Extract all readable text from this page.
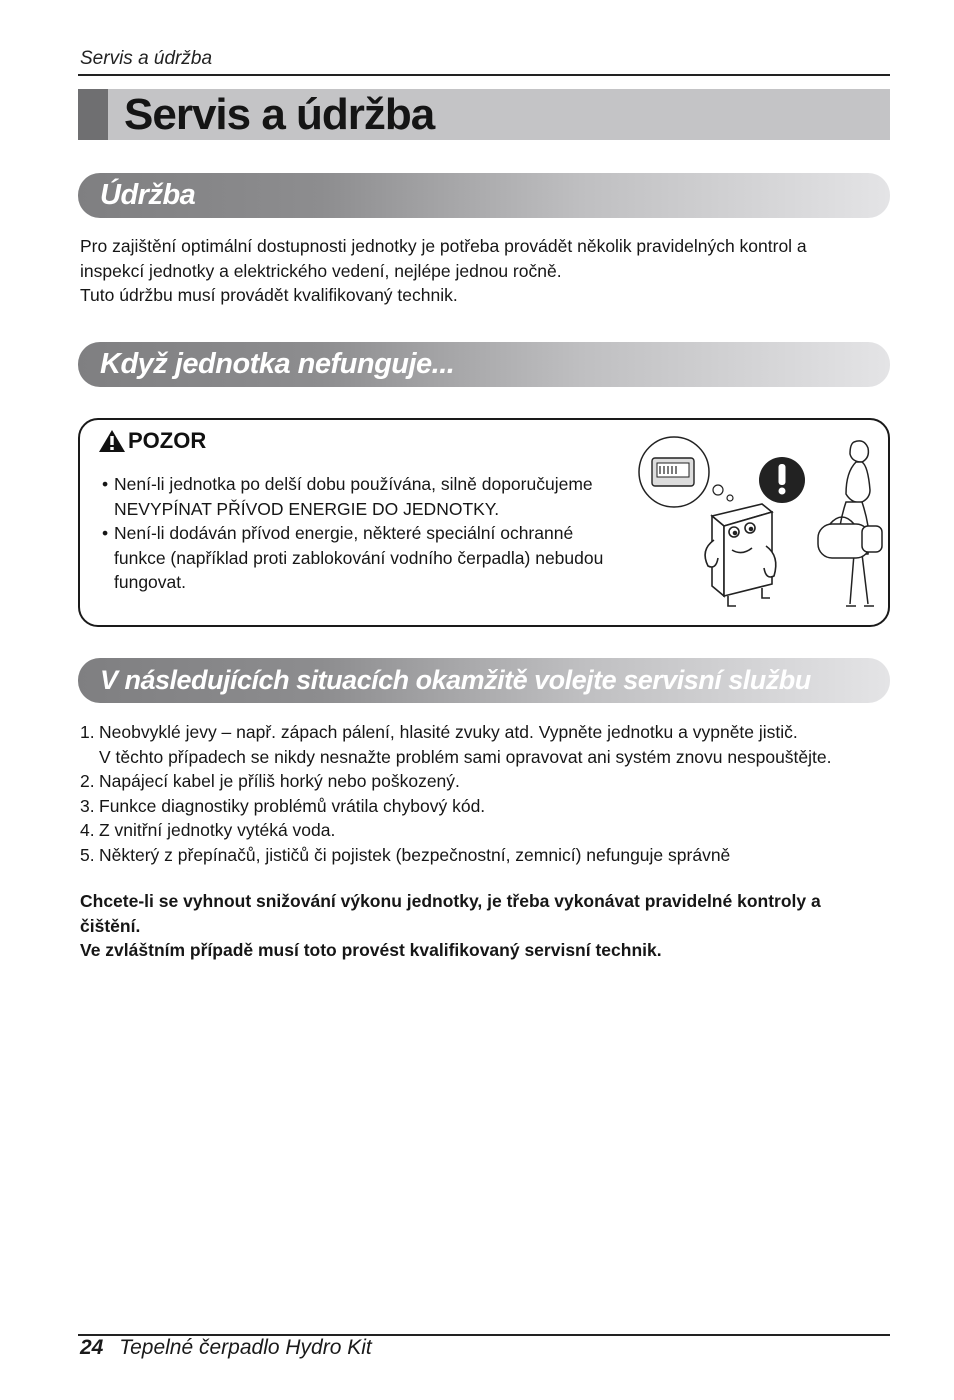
Servis a údržba
Servis a údržba
Údržba
Pro zajištění optimální dostupnosti jednotky je potřeba provádět několik pravidelných kontrol a
inspekcí jednotky a elektrického vedení, nejlépe jednou ročně.
Tuto údržbu musí provádět kvalifikovaný technik.
Když jednotka nefunguje...
POZOR
• Není-li jednotka po delší dobu používána, silně doporučujeme
NEVYPÍNAT PŘÍVOD ENERGIE DO JEDNOTKY.
• Není-li dodáván přívod energie, některé speciální ochranné
funkce (například proti zablokování vodního čerpadla) nebudou
fungovat.
V následujících situacích okamžitě volejte servisní službu
1. Neobvyklé jevy – např. zápach pálení, hlasité zvuky atd. Vypněte jednotku a vypněte jistič.
V těchto případech se nikdy nesnažte problém sami opravovat ani systém znovu nespouštějte.
2. Napájecí kabel je příliš horký nebo poškozený.
3. Funkce diagnostiky problémů vrátila chybový kód.
4. Z vnitřní jednotky vytéká voda.
5. Některý z přepínačů, jističů či pojistek (bezpečnostní, zemnicí) nefunguje správně
Chcete-li se vyhnout snižování výkonu jednotky, je třeba vykonávat pravidelné kontroly a
čištění.
Ve zvláštním případě musí toto provést kvalifikovaný servisní technik.
24 Tepelné čerpadlo Hydro Kit
